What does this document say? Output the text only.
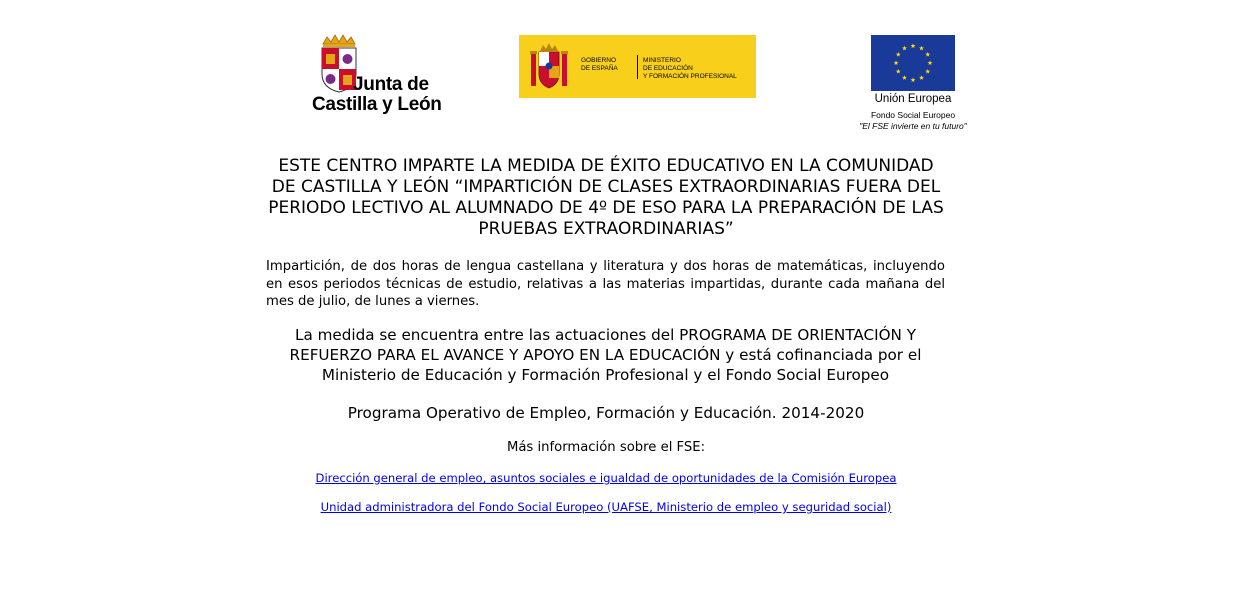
Junta de
Castilla y León
GOBIERNO
DE ESPAÑA
MINISTERIO
DE EDUCACIÓN
Y FORMACIÓN PROFESIONAL
Unión Europea
Fondo Social Europeo
"El FSE invierte en tu futuro"
ESTE CENTRO IMPARTE LA MEDIDA DE ÉXITO EDUCATIVO EN LA COMUNIDAD DE CASTILLA Y LEÓN “IMPARTICIÓN DE CLASES EXTRAORDINARIAS FUERA DEL PERIODO LECTIVO AL ALUMNADO DE 4º DE ESO PARA LA PREPARACIÓN DE LAS PRUEBAS EXTRAORDINARIAS”
Impartición, de dos horas de lengua castellana y literatura y dos horas de matemáticas, incluyendo en esos periodos técnicas de estudio, relativas a las materias impartidas, durante cada mañana del mes de julio, de lunes a viernes.
La medida se encuentra entre las actuaciones del PROGRAMA DE ORIENTACIÓN Y REFUERZO PARA EL AVANCE Y APOYO EN LA EDUCACIÓN y está cofinanciada por el Ministerio de Educación y Formación Profesional y el Fondo Social Europeo
Programa Operativo de Empleo, Formación y Educación. 2014-2020
Más información sobre el FSE:
Dirección general de empleo, asuntos sociales e igualdad de oportunidades de la Comisión Europea
Unidad administradora del Fondo Social Europeo (UAFSE, Ministerio de empleo y seguridad social)
